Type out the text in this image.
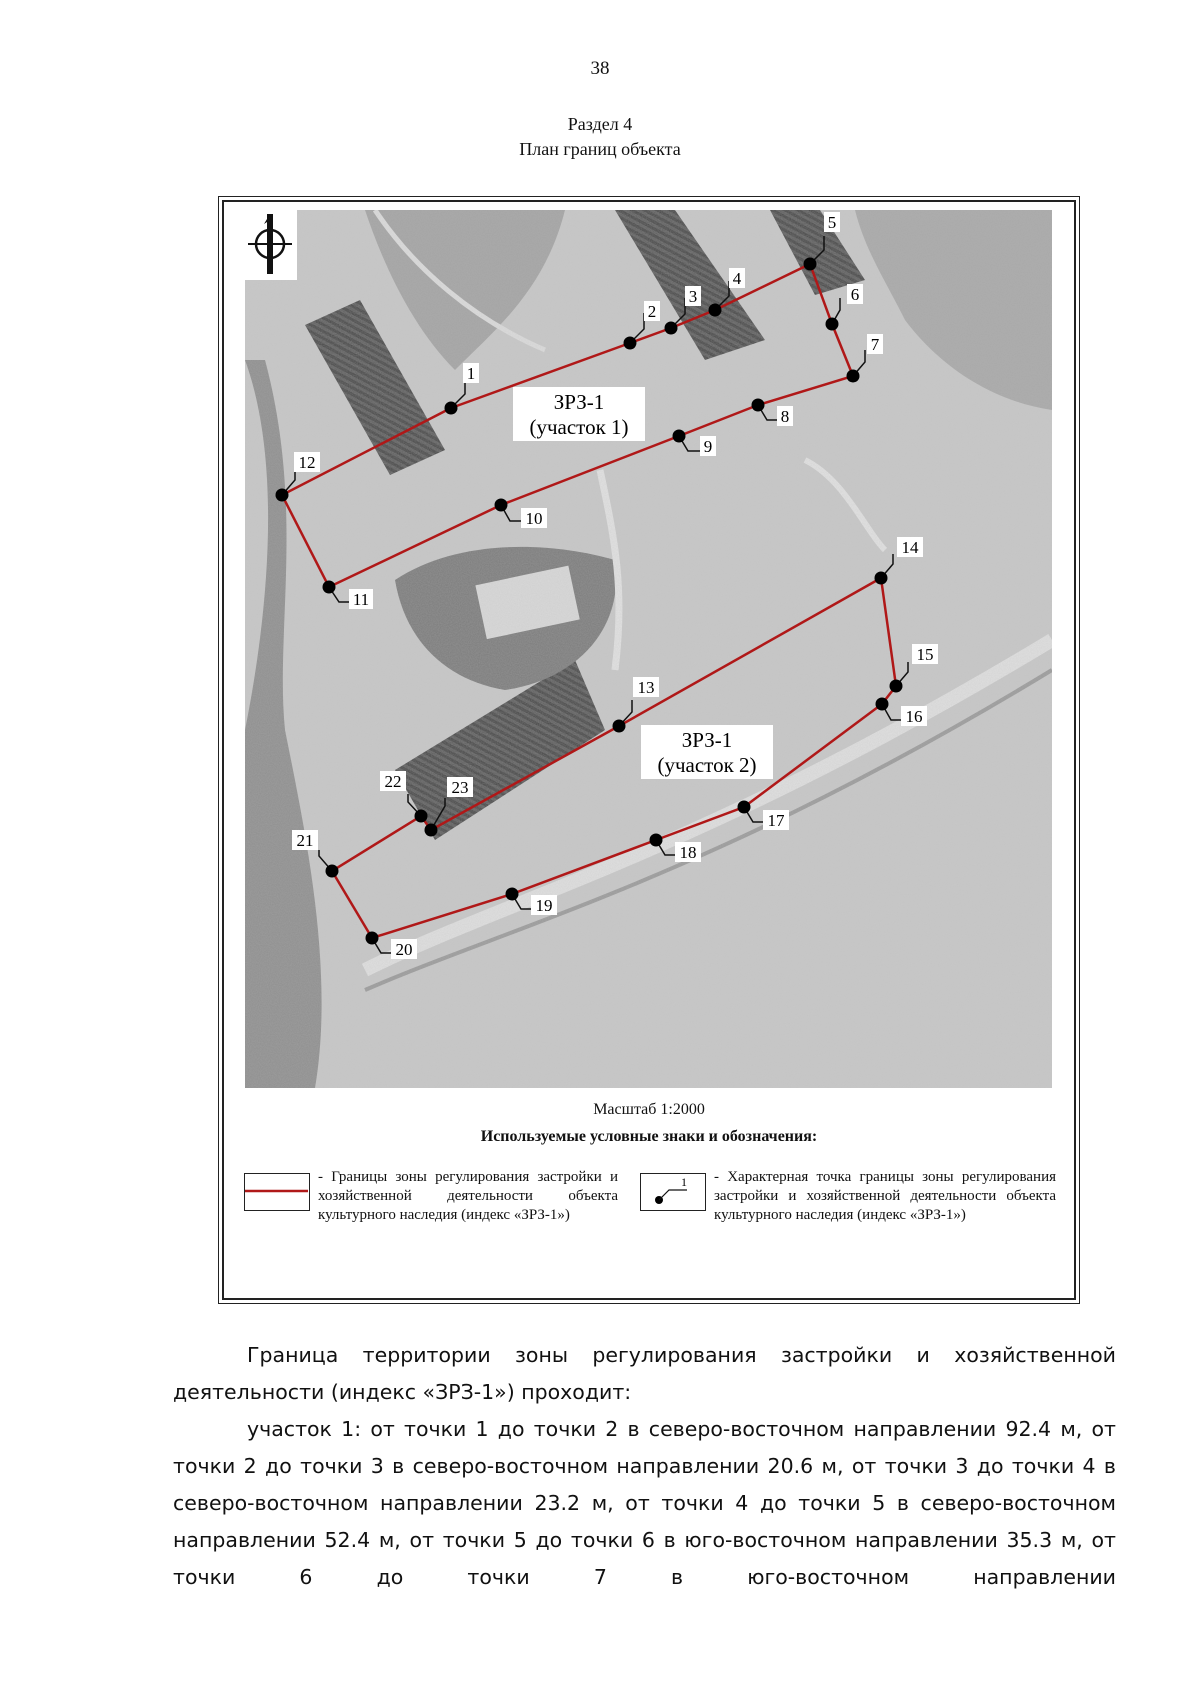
38
Раздел 4
План границ объекта
ЗРЗ-1
(участок 1)
ЗРЗ-1
(участок 2)
1
2
3
4
5
6
7
8
9
10
11
12
13
14
15
16
17
18
19
20
21
22	23
Масштаб 1:2000
Используемые условные знаки и обозначения:
- Границы зоны регулирования застройки и хозяйственной деятельности объекта культурного наследия (индекс «ЗРЗ-1»)
1 - Характерная точка границы зоны регулирования застройки и хозяйственной деятельности объекта культурного наследия (индекс «ЗРЗ-1»)
Граница территории зоны регулирования застройки и хозяйственной деятельности (индекс «ЗРЗ-1») проходит:
участок 1: от точки 1 до точки 2 в северо-восточном направлении 92.4 м, от точки 2 до точки 3 в северо-восточном направлении 20.6 м, от точки 3 до точки 4 в северо-восточном направлении 23.2 м, от точки 4 до точки 5 в северо-восточном направлении 52.4 м, от точки 5 до точки 6 в юго-восточном направлении 35.3 м, от точки 6 до точки 7 в юго-восточном направлении
